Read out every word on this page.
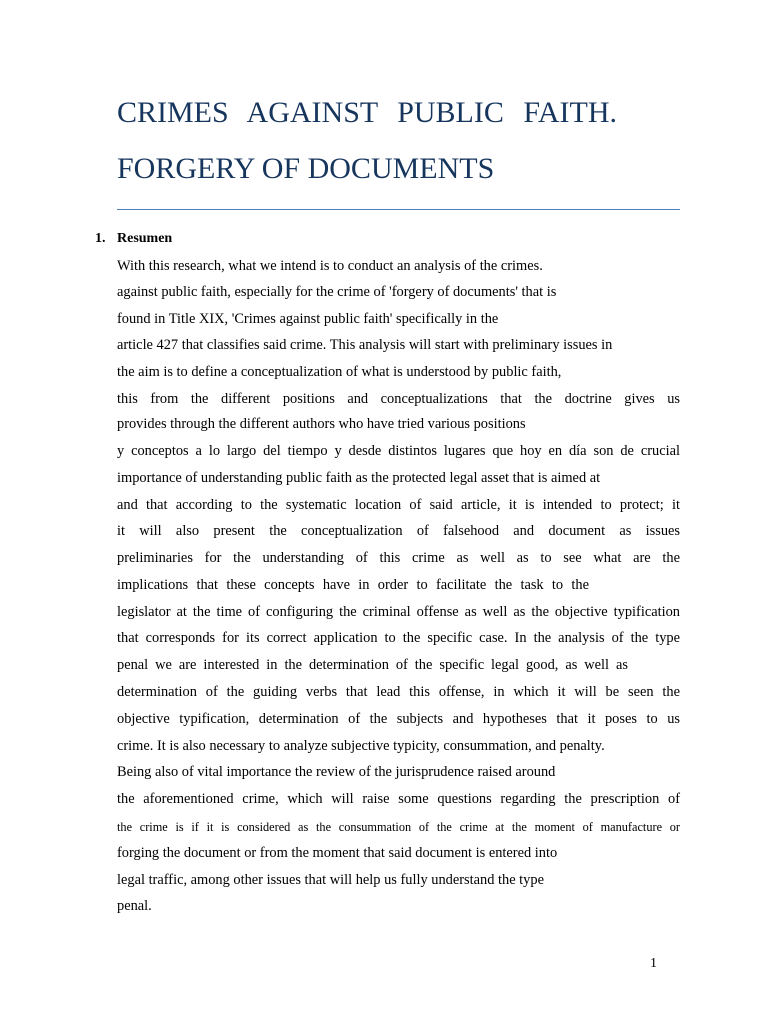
CRIMES AGAINST PUBLIC FAITH.
FORGERY OF DOCUMENTS
1. Resumen
With this research, what we intend is to conduct an analysis of the crimes.
against public faith, especially for the crime of 'forgery of documents' that is
found in Title XIX, 'Crimes against public faith' specifically in the
article 427 that classifies said crime. This analysis will start with preliminary issues in
the aim is to define a conceptualization of what is understood by public faith,
this from the different positions and conceptualizations that the doctrine gives us
provides through the different authors who have tried various positions
y conceptos a lo largo del tiempo y desde distintos lugares que hoy en día son de crucial
importance of understanding public faith as the protected legal asset that is aimed at
and that according to the systematic location of said article, it is intended to protect; it
it will also present the conceptualization of falsehood and document as issues
preliminaries for the understanding of this crime as well as to see what are the
implications that these concepts have in order to facilitate the task to the
legislator at the time of configuring the criminal offense as well as the objective typification
that corresponds for its correct application to the specific case. In the analysis of the type
penal we are interested in the determination of the specific legal good, as well as
determination of the guiding verbs that lead this offense, in which it will be seen the
objective typification, determination of the subjects and hypotheses that it poses to us
crime. It is also necessary to analyze subjective typicity, consummation, and penalty.
Being also of vital importance the review of the jurisprudence raised around
the aforementioned crime, which will raise some questions regarding the prescription of
the crime is if it is considered as the consummation of the crime at the moment of manufacture or
forging the document or from the moment that said document is entered into
legal traffic, among other issues that will help us fully understand the type
penal.
1
